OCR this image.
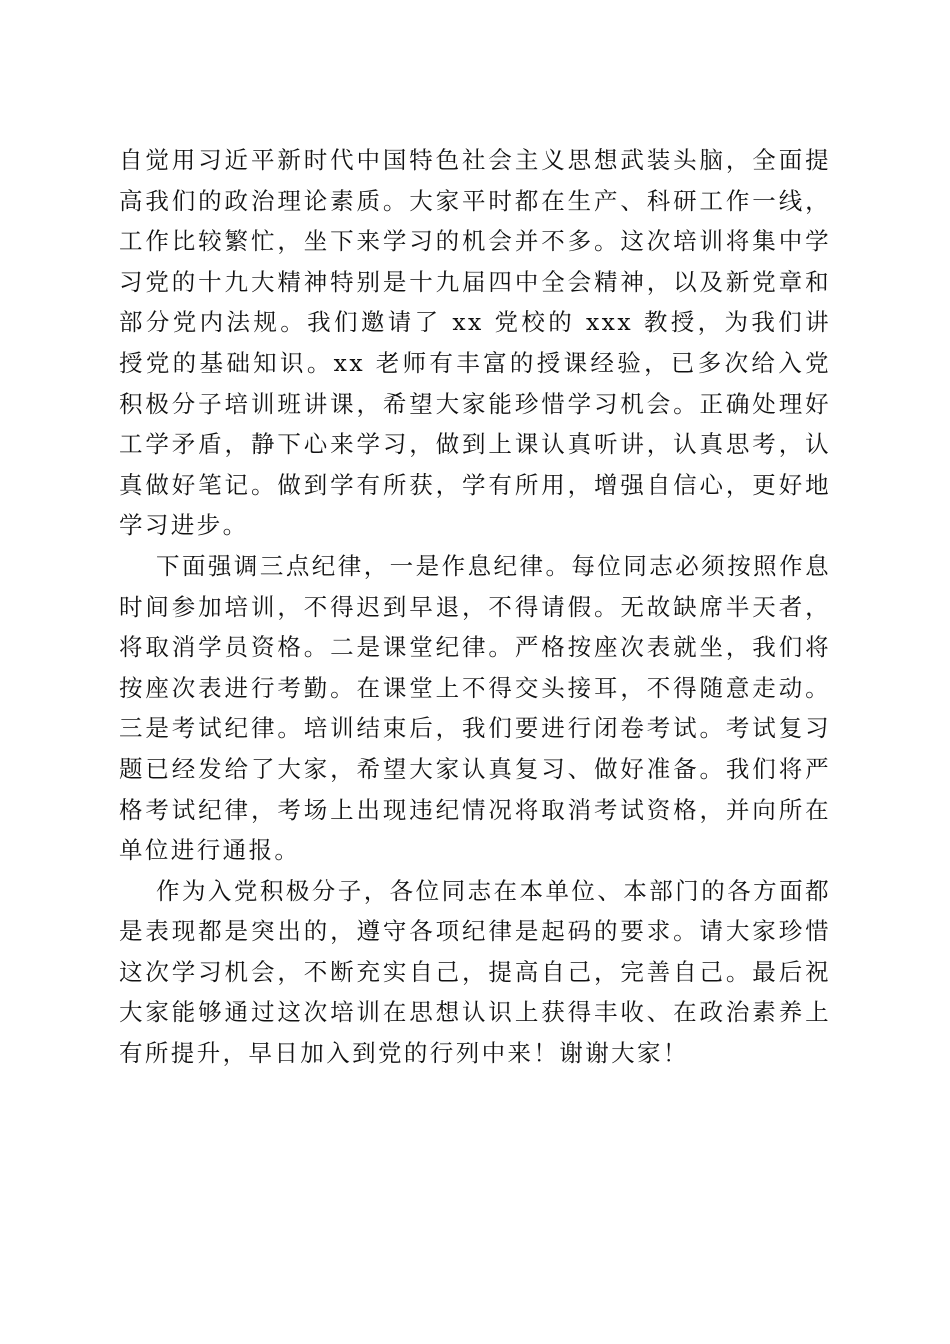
自觉用习近平新时代中国特色社会主义思想武装头脑，全面提高我们的政治理论素质。大家平时都在生产、科研工作一线，工作比较繁忙，坐下来学习的机会并不多。这次培训将集中学习党的十九大精神特别是十九届四中全会精神，以及新党章和部分党内法规。我们邀请了 xx 党校的 xxx 教授，为我们讲授党的基础知识。xx 老师有丰富的授课经验，已多次给入党积极分子培训班讲课，希望大家能珍惜学习机会。正确处理好工学矛盾，静下心来学习，做到上课认真听讲，认真思考，认真做好笔记。做到学有所获，学有所用，增强自信心，更好地学习进步。

下面强调三点纪律，一是作息纪律。每位同志必须按照作息时间参加培训，不得迟到早退，不得请假。无故缺席半天者，将取消学员资格。二是课堂纪律。严格按座次表就坐，我们将按座次表进行考勤。在课堂上不得交头接耳，不得随意走动。三是考试纪律。培训结束后，我们要进行闭卷考试。考试复习题已经发给了大家，希望大家认真复习、做好准备。我们将严格考试纪律，考场上出现违纪情况将取消考试资格，并向所在单位进行通报。

作为入党积极分子，各位同志在本单位、本部门的各方面都是表现都是突出的，遵守各项纪律是起码的要求。请大家珍惜这次学习机会，不断充实自己，提高自己，完善自己。最后祝大家能够通过这次培训在思想认识上获得丰收、在政治素养上有所提升，早日加入到党的行列中来！谢谢大家！
